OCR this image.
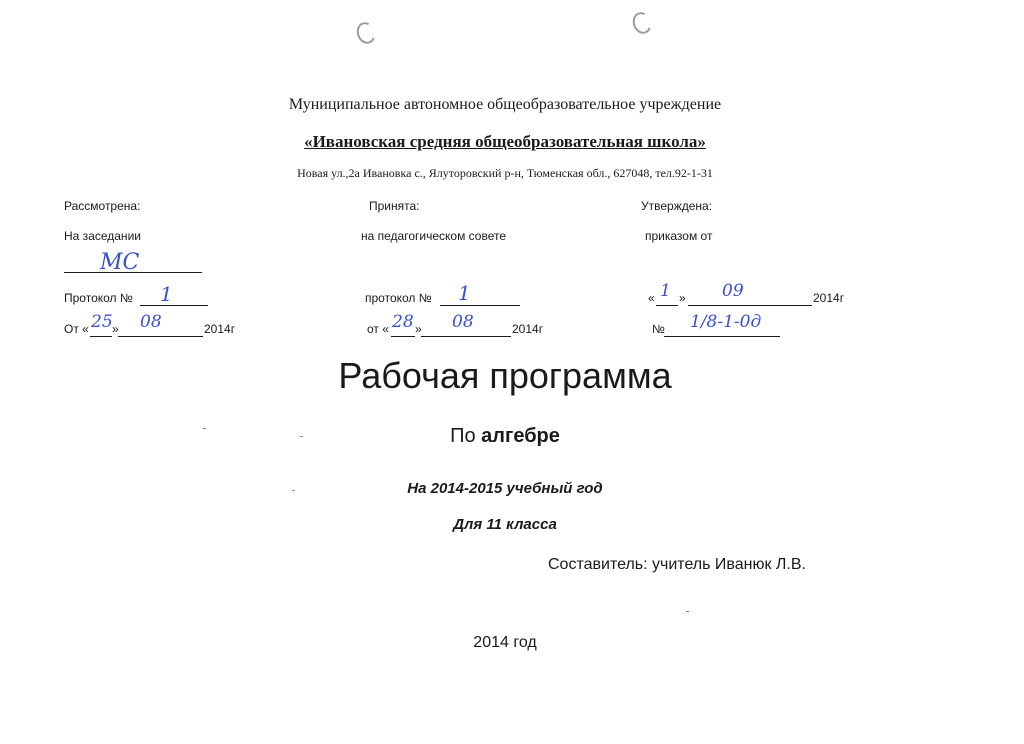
Муниципальное автономное общеобразовательное учреждение
«Ивановская средняя общеобразовательная школа»
Новая ул.,2а Ивановка с., Ялуторовский р-н, Тюменская обл., 627048, тел.92-1-31
Рассмотрена:
На заседании
МС
Протокол № 1
От « 25 » 08	2014г
Принята:
на педагогическом совете
протокол № 1
от « 28 » 08	2014г
Утверждена:
приказом от
« 1 » 09	2014г
№ 1/8-1-0д
Рабочая программа
По алгебре
На 2014-2015 учебный год
Для 11 класса
Составитель: учитель Иванюк Л.В.
2014 год
